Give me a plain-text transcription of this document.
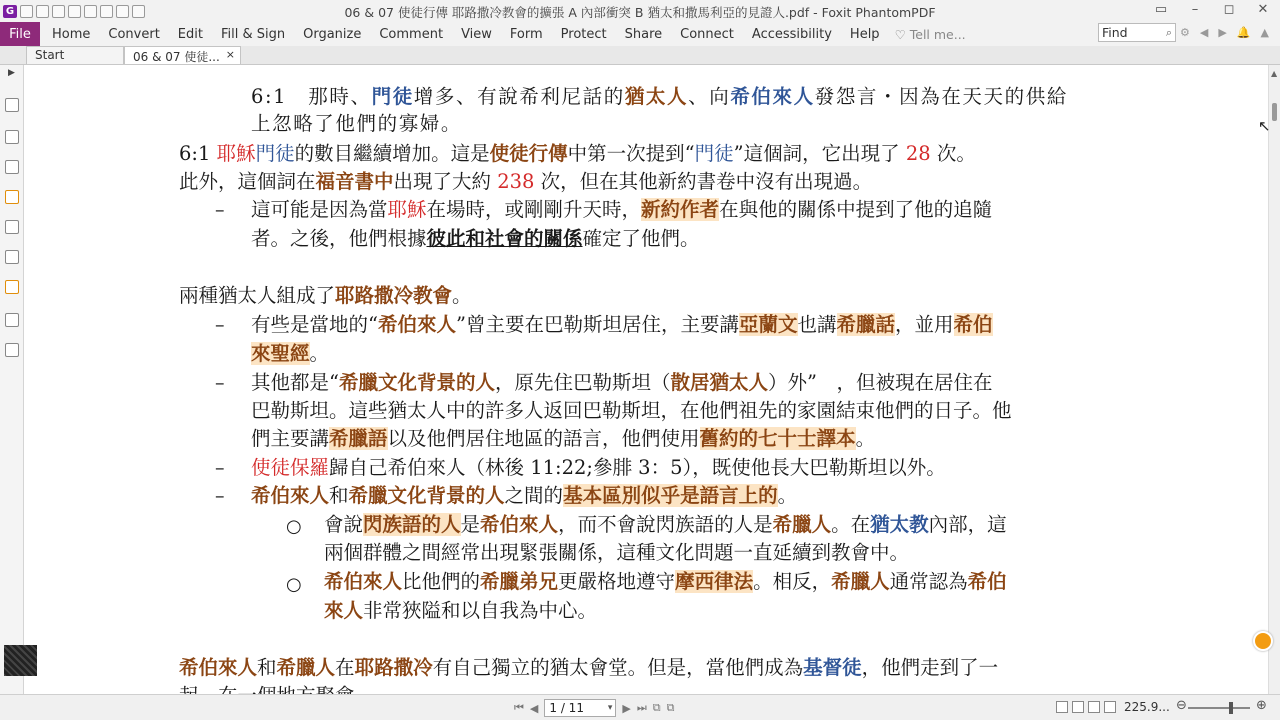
G	06 & 07 使徒行傳 耶路撒冷教會的擴張 A 內部衝突 B 猶太和撒馬利亞的見證人.pdf - Foxit PhantomPDF	▭	–	◻	✕
File	Home	Convert	Edit	Fill & Sign	Organize	Comment	View	Form	Protect	Share	Connect	Accessibility	Help	♡ Tell me...	Find	⌕ ⚙ ◀ ▶ 🔔 ▲
Start	06 & 07 使徒... ×
▶
6:1　那時、門徒增多、有說希利尼話的猶太人、向希伯來人發怨言・因為在天天的供給
上忽略了他們的寡婦。
6:1 耶穌門徒的數目繼續增加。這是使徒行傳中第一次提到“門徒”這個詞，它出現了 28 次。
此外，這個詞在福音書中出現了大約 238 次，但在其他新約書卷中沒有出現過。
– 這可能是因為當耶穌在場時，或剛剛升天時，新約作者在與他的關係中提到了他的追隨
者。之後，他們根據彼此和社會的關係確定了他們。
兩種猶太人組成了耶路撒冷教會。
– 有些是當地的“希伯來人”曾主要在巴勒斯坦居住，主要講亞蘭文也講希臘話，並用希伯
來聖經。
– 其他都是“希臘文化背景的人，原先住巴勒斯坦（散居猶太人）外”　，但被現在居住在
巴勒斯坦。這些猶太人中的許多人返回巴勒斯坦，在他們祖先的家園結束他們的日子。他
們主要講希臘語以及他們居住地區的語言，他們使用舊約的七十士譯本。
– 使徒保羅歸自己希伯來人（林後 11:22;參腓 3：5），既使他長大巴勒斯坦以外。
– 希伯來人和希臘文化背景的人之間的基本區別似乎是語言上的。
○ 會說閃族語的人是希伯來人，而不會說閃族語的人是希臘人。在猶太教內部，這
兩個群體之間經常出現緊張關係，這種文化問題一直延續到教會中。
○ 希伯來人比他們的希臘弟兄更嚴格地遵守摩西律法。相反，希臘人通常認為希伯
來人非常狹隘和以自我為中心。
希伯來人和希臘人在耶路撒冷有自己獨立的猶太會堂。但是，當他們成為基督徒，他們走到了一
▲
↖
⏮ ◀ 1 / 11	▾ ▶ ⏭ ⧉ ⧉	225.9... ⊖	⊕
